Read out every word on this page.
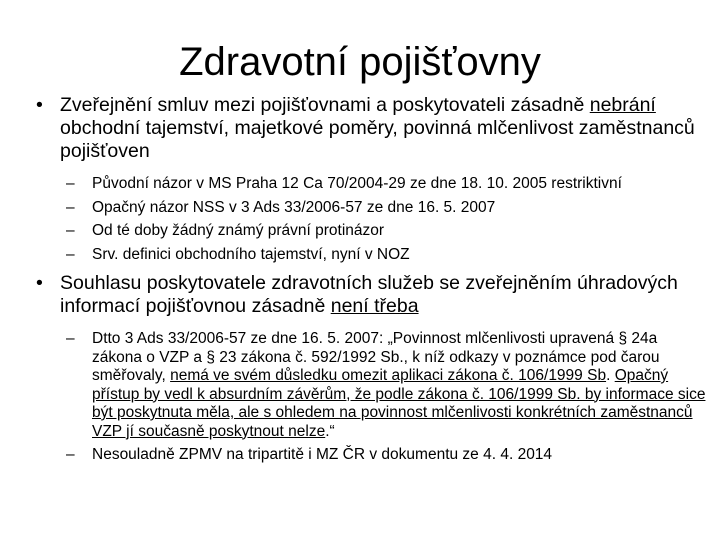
Zdravotní pojišťovny
• Zveřejnění smluv mezi pojišťovnami a poskytovateli zásadně nebrání obchodní tajemství, majetkové poměry, povinná mlčenlivost zaměstnanců pojišťoven
– Původní názor v MS Praha 12 Ca 70/2004-29 ze dne 18. 10. 2005 restriktivní
– Opačný názor NSS v 3 Ads 33/2006-57 ze dne 16. 5. 2007
– Od té doby žádný známý právní protinázor
– Srv. definici obchodního tajemství, nyní v NOZ
• Souhlasu poskytovatele zdravotních služeb se zveřejněním úhradových informací pojišťovnou zásadně není třeba
– Dtto 3 Ads 33/2006-57 ze dne 16. 5. 2007: „Povinnost mlčenlivosti upravená § 24a zákona o VZP a § 23 zákona č. 592/1992 Sb., k níž odkazy v poznámce pod čarou směřovaly, nemá ve svém důsledku omezit aplikaci zákona č. 106/1999 Sb. Opačný přístup by vedl k absurdním závěrům, že podle zákona č. 106/1999 Sb. by informace sice být poskytnuta měla, ale s ohledem na povinnost mlčenlivosti konkrétních zaměstnanců VZP jí současně poskytnout nelze.“
– Nesouladně ZPMV na tripartitě i MZ ČR v dokumentu ze 4. 4. 2014
